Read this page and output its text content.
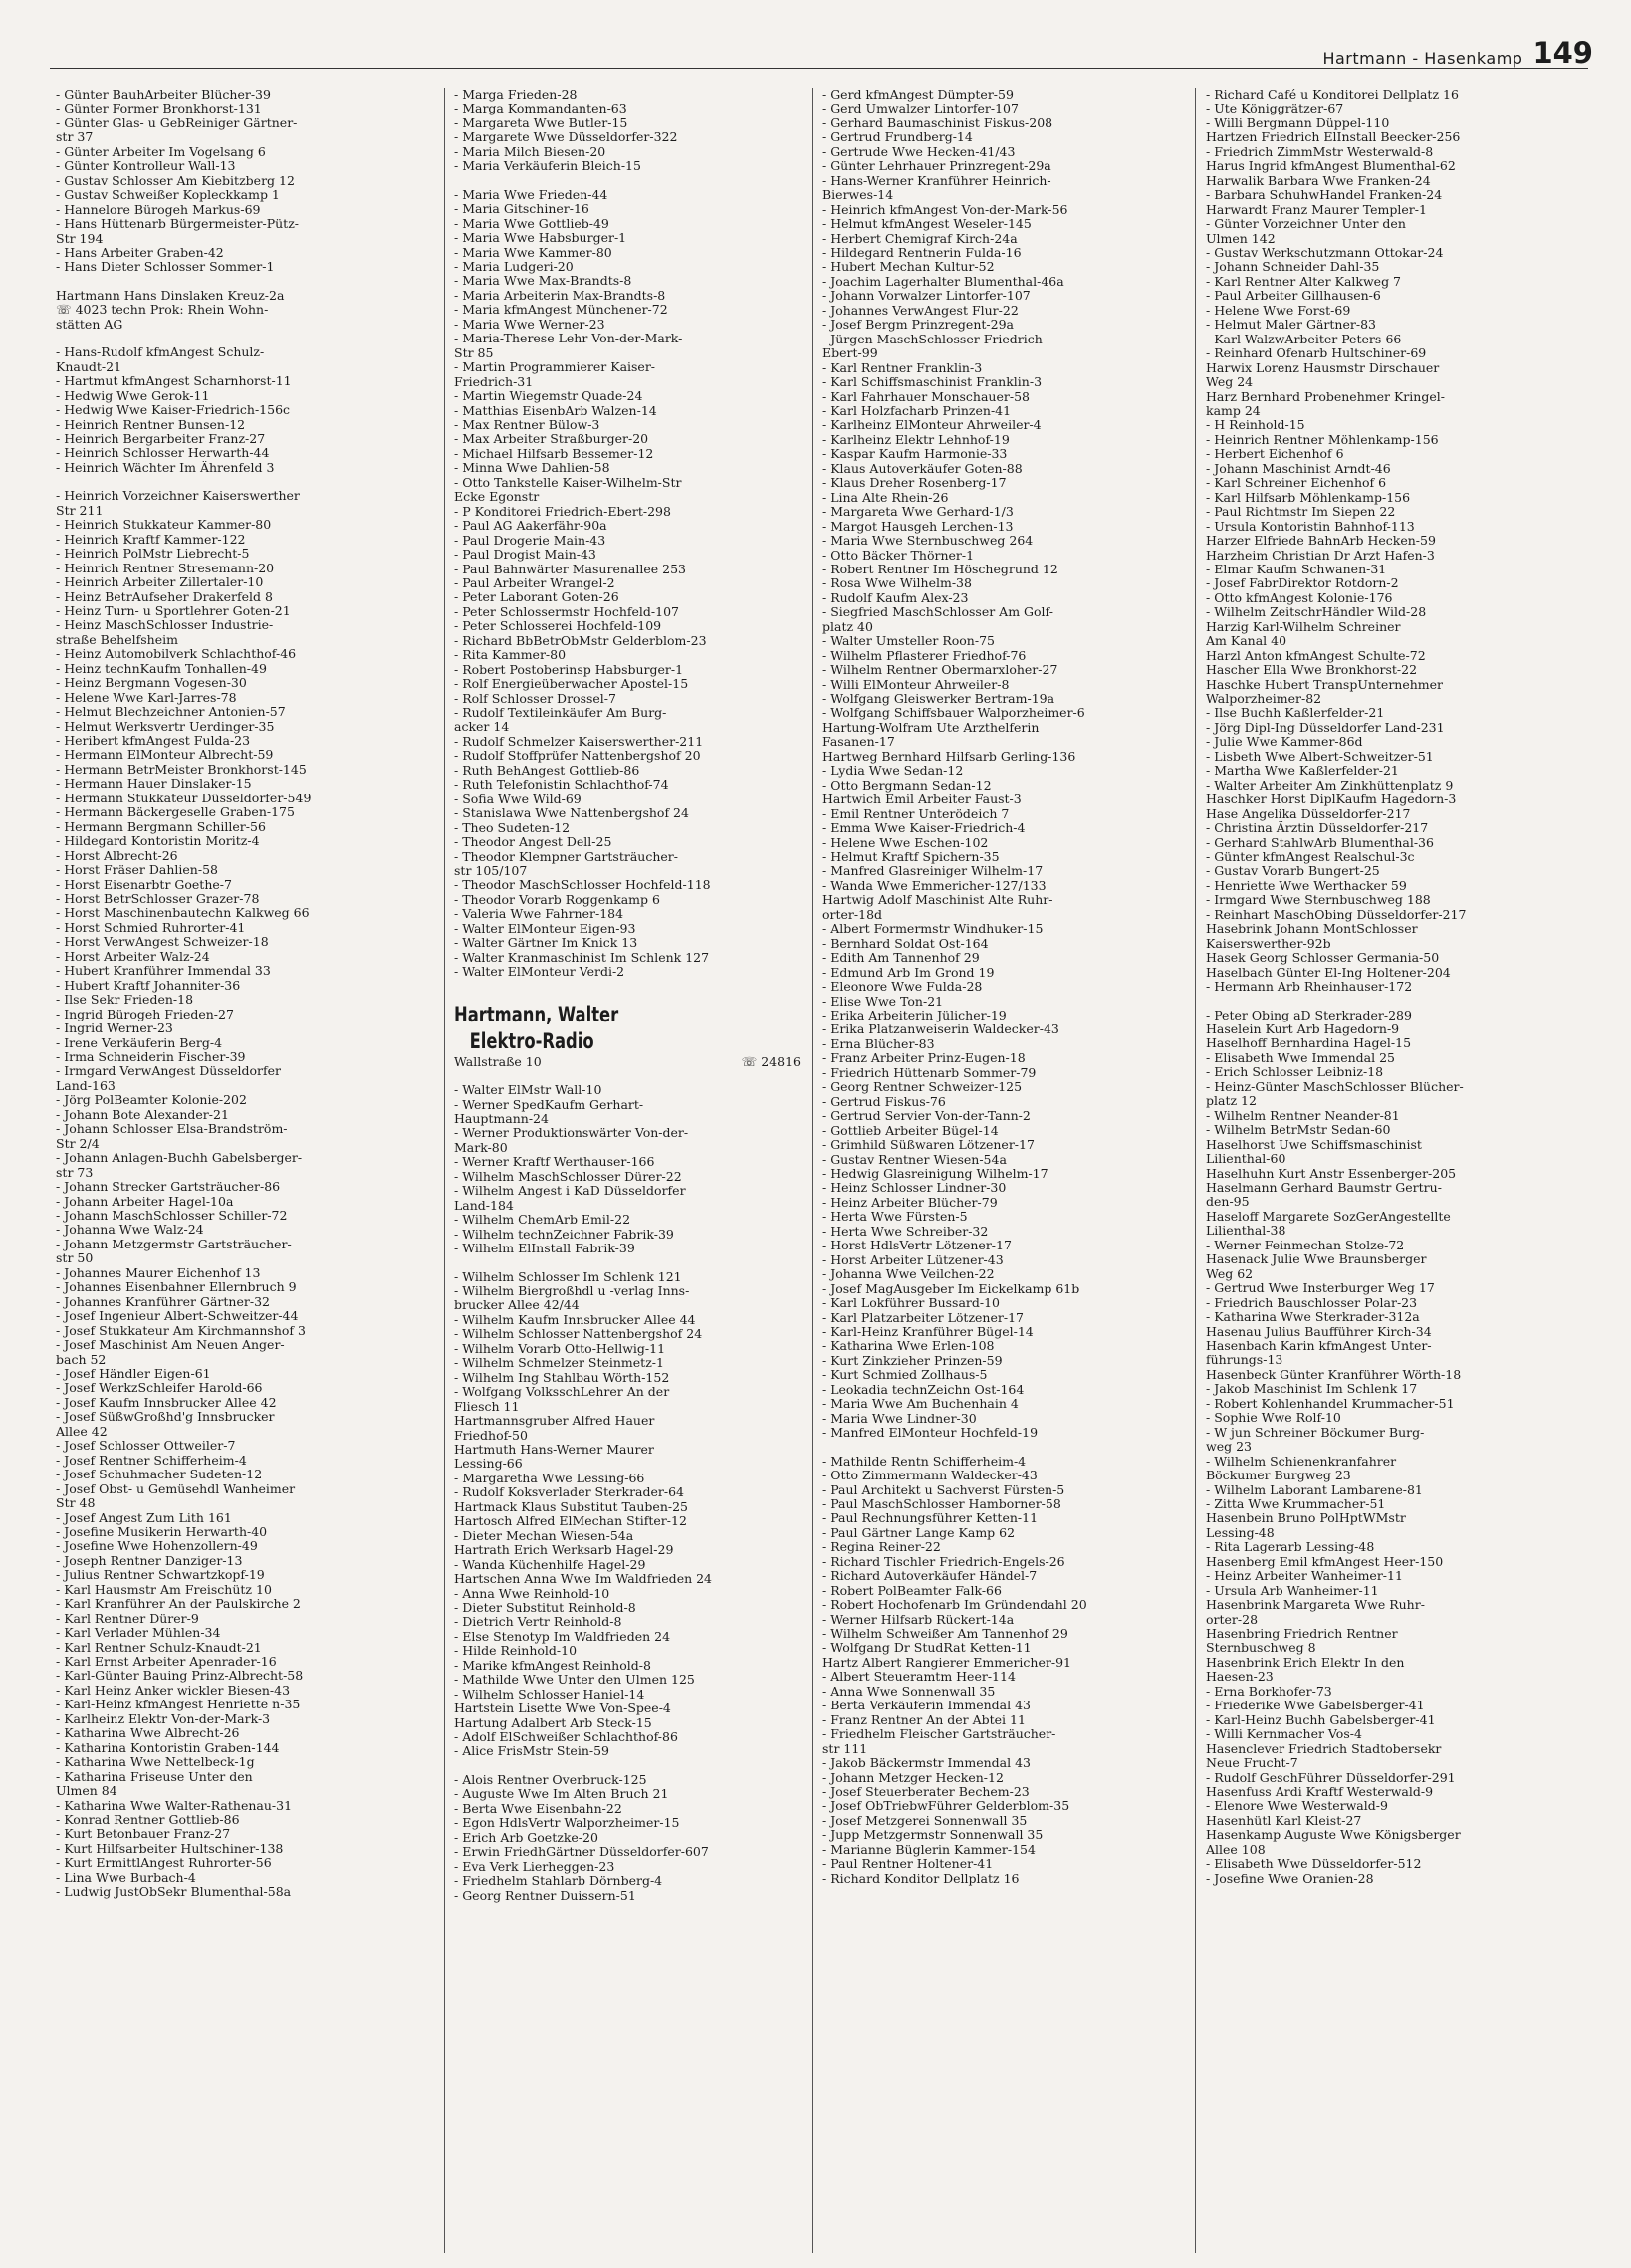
Hartmann - Hasenkamp 149
- Günter BauhArbeiter Blücher-39
- Günter Former Bronkhorst-131
- Günter Glas- u GebReiniger Gärtner-
str 37
- Günter Arbeiter Im Vogelsang 6
- Günter Kontrolleur Wall-13
- Gustav Schlosser Am Kiebitzberg 12
- Gustav Schweißer Kopleckkamp 1
- Hannelore Bürogeh Markus-69
- Hans Hüttenarb Bürgermeister-Pütz-
Str 194
- Hans Arbeiter Graben-42
- Hans Dieter Schlosser Sommer-1
Hartmann Hans Dinslaken Kreuz-2a
☏ 4023 techn Prok: Rhein Wohn-
stätten AG
- Hans-Rudolf kfmAngest Schulz-
Knaudt-21
- Hartmut kfmAngest Scharnhorst-11
- Hedwig Wwe Gerok-11
- Hedwig Wwe Kaiser-Friedrich-156c
- Heinrich Rentner Bunsen-12
- Heinrich Bergarbeiter Franz-27
- Heinrich Schlosser Herwarth-44
- Heinrich Wächter Im Ährenfeld 3
- Heinrich Vorzeichner Kaiserswerther
Str 211
- Heinrich Stukkateur Kammer-80
- Heinrich Kraftf Kammer-122
- Heinrich PolMstr Liebrecht-5
- Heinrich Rentner Stresemann-20
- Heinrich Arbeiter Zillertaler-10
- Heinz BetrAufseher Drakerfeld 8
- Heinz Turn- u Sportlehrer Goten-21
- Heinz MaschSchlosser Industrie-
straße Behelfsheim
- Heinz Automobilverk Schlachthof-46
- Heinz technKaufm Tonhallen-49
- Heinz Bergmann Vogesen-30
- Helene Wwe Karl-Jarres-78
- Helmut Blechzeichner Antonien-57
- Helmut Werksvertr Uerdinger-35
- Heribert kfmAngest Fulda-23
- Hermann ElMonteur Albrecht-59
- Hermann BetrMeister Bronkhorst-145
- Hermann Hauer Dinslaker-15
- Hermann Stukkateur Düsseldorfer-549
- Hermann Bäckergeselle Graben-175
- Hermann Bergmann Schiller-56
- Hildegard Kontoristin Moritz-4
- Horst Albrecht-26
- Horst Fräser Dahlien-58
- Horst Eisenarbtr Goethe-7
- Horst BetrSchlosser Grazer-78
- Horst Maschinenbautechn Kalkweg 66
- Horst Schmied Ruhrorter-41
- Horst VerwAngest Schweizer-18
- Horst Arbeiter Walz-24
- Hubert Kranführer Immendal 33
- Hubert Kraftf Johanniter-36
- Ilse Sekr Frieden-18
- Ingrid Bürogeh Frieden-27
- Ingrid Werner-23
- Irene Verkäuferin Berg-4
- Irma Schneiderin Fischer-39
- Irmgard VerwAngest Düsseldorfer
Land-163
- Jörg PolBeamter Kolonie-202
- Johann Bote Alexander-21
- Johann Schlosser Elsa-Brandström-
Str 2/4
- Johann Anlagen-Buchh Gabelsberger-
str 73
- Johann Strecker Gartsträucher-86
- Johann Arbeiter Hagel-10a
- Johann MaschSchlosser Schiller-72
- Johanna Wwe Walz-24
- Johann Metzgermstr Gartsträucher-
str 50
- Johannes Maurer Eichenhof 13
- Johannes Eisenbahner Ellernbruch 9
- Johannes Kranführer Gärtner-32
- Josef Ingenieur Albert-Schweitzer-44
- Josef Stukkateur Am Kirchmannshof 3
- Josef Maschinist Am Neuen Anger-
bach 52
- Josef Händler Eigen-61
- Josef WerkzSchleifer Harold-66
- Josef Kaufm Innsbrucker Allee 42
- Josef SüßwGroßhd'g Innsbrucker
Allee 42
- Josef Schlosser Ottweiler-7
- Josef Rentner Schifferheim-4
- Josef Schuhmacher Sudeten-12
- Josef Obst- u Gemüsehdl Wanheimer
Str 48
- Josef Angest Zum Lith 161
- Josefine Musikerin Herwarth-40
- Josefine Wwe Hohenzollern-49
- Joseph Rentner Danziger-13
- Julius Rentner Schwartzkopf-19
- Karl Hausmstr Am Freischütz 10
- Karl Kranführer An der Paulskirche 2
- Karl Rentner Dürer-9
- Karl Verlader Mühlen-34
- Karl Rentner Schulz-Knaudt-21
- Karl Ernst Arbeiter Apenrader-16
- Karl-Günter Bauing Prinz-Albrecht-58
- Karl Heinz Anker wickler Biesen-43
- Karl-Heinz kfmAngest Henriette n-35
- Karlheinz Elektr Von-der-Mark-3
- Katharina Wwe Albrecht-26
- Katharina Kontoristin Graben-144
- Katharina Wwe Nettelbeck-1g
- Katharina Friseuse Unter den
Ulmen 84
- Katharina Wwe Walter-Rathenau-31
- Konrad Rentner Gottlieb-86
- Kurt Betonbauer Franz-27
- Kurt Hilfsarbeiter Hultschiner-138
- Kurt ErmittlAngest Ruhrorter-56
- Lina Wwe Burbach-4
- Ludwig JustObSekr Blumenthal-58a
- Marga Frieden-28
- Marga Kommandanten-63
- Margareta Wwe Butler-15
- Margarete Wwe Düsseldorfer-322
- Maria Milch Biesen-20
- Maria Verkäuferin Bleich-15
- Maria Wwe Frieden-44
- Maria Gitschiner-16
- Maria Wwe Gottlieb-49
- Maria Wwe Habsburger-1
- Maria Wwe Kammer-80
- Maria Ludgeri-20
- Maria Wwe Max-Brandts-8
- Maria Arbeiterin Max-Brandts-8
- Maria kfmAngest Münchener-72
- Maria Wwe Werner-23
- Maria-Therese Lehr Von-der-Mark-
Str 85
- Martin Programmierer Kaiser-
Friedrich-31
- Martin Wiegemstr Quade-24
- Matthias EisenbArb Walzen-14
- Max Rentner Bülow-3
- Max Arbeiter Straßburger-20
- Michael Hilfsarb Bessemer-12
- Minna Wwe Dahlien-58
- Otto Tankstelle Kaiser-Wilhelm-Str
Ecke Egonstr
- P Konditorei Friedrich-Ebert-298
- Paul AG Aakerfähr-90a
- Paul Drogerie Main-43
- Paul Drogist Main-43
- Paul Bahnwärter Masurenallee 253
- Paul Arbeiter Wrangel-2
- Peter Laborant Goten-26
- Peter Schlossermstr Hochfeld-107
- Peter Schlosserei Hochfeld-109
- Richard BbBetrObMstr Gelderblom-23
- Rita Kammer-80
- Robert Postoberinsp Habsburger-1
- Rolf Energieüberwacher Apostel-15
- Rolf Schlosser Drossel-7
- Rudolf Textileinkäufer Am Burg-
acker 14
- Rudolf Schmelzer Kaiserswerther-211
- Rudolf Stoffprüfer Nattenbergshof 20
- Ruth BehAngest Gottlieb-86
- Ruth Telefonistin Schlachthof-74
- Sofia Wwe Wild-69
- Stanislawa Wwe Nattenbergshof 24
- Theo Sudeten-12
- Theodor Angest Dell-25
- Theodor Klempner Gartsträucher-
str 105/107
- Theodor MaschSchlosser Hochfeld-118
- Theodor Vorarb Roggenkamp 6
- Valeria Wwe Fahrner-184
- Walter ElMonteur Eigen-93
- Walter Gärtner Im Knick 13
- Walter Kranmaschinist Im Schlenk 127
- Walter ElMonteur Verdi-2
Hartmann, Walter
Elektro-Radio
Wallstraße 10	☏ 24816
- Walter ElMstr Wall-10
- Werner SpedKaufm Gerhart-
Hauptmann-24
- Werner Produktionswärter Von-der-
Mark-80
- Werner Kraftf Werthauser-166
- Wilhelm MaschSchlosser Dürer-22
- Wilhelm Angest i KaD Düsseldorfer
Land-184
- Wilhelm ChemArb Emil-22
- Wilhelm technZeichner Fabrik-39
- Wilhelm ElInstall Fabrik-39
- Wilhelm Schlosser Im Schlenk 121
- Wilhelm Biergroßhdl u -verlag Inns-
brucker Allee 42/44
- Wilhelm Kaufm Innsbrucker Allee 44
- Wilhelm Schlosser Nattenbergshof 24
- Wilhelm Vorarb Otto-Hellwig-11
- Wilhelm Schmelzer Steinmetz-1
- Wilhelm Ing Stahlbau Wörth-152
- Wolfgang VolksschLehrer An der
Fliesch 11
Hartmannsgruber Alfred Hauer
Friedhof-50
Hartmuth Hans-Werner Maurer
Lessing-66
- Margaretha Wwe Lessing-66
- Rudolf Koksverlader Sterkrader-64
Hartmack Klaus Substitut Tauben-25
Hartosch Alfred ElMechan Stifter-12
- Dieter Mechan Wiesen-54a
Hartrath Erich Werksarb Hagel-29
- Wanda Küchenhilfe Hagel-29
Hartschen Anna Wwe Im Waldfrieden 24
- Anna Wwe Reinhold-10
- Dieter Substitut Reinhold-8
- Dietrich Vertr Reinhold-8
- Else Stenotyp Im Waldfrieden 24
- Hilde Reinhold-10
- Marike kfmAngest Reinhold-8
- Mathilde Wwe Unter den Ulmen 125
- Wilhelm Schlosser Haniel-14
Hartstein Lisette Wwe Von-Spee-4
Hartung Adalbert Arb Steck-15
- Adolf ElSchweißer Schlachthof-86
- Alice FrisMstr Stein-59
- Alois Rentner Overbruck-125
- Auguste Wwe Im Alten Bruch 21
- Berta Wwe Eisenbahn-22
- Egon HdlsVertr Walporzheimer-15
- Erich Arb Goetzke-20
- Erwin FriedhGärtner Düsseldorfer-607
- Eva Verk Lierheggen-23
- Friedhelm Stahlarb Dörnberg-4
- Georg Rentner Duissern-51
- Gerd kfmAngest Dümpter-59
- Gerd Umwalzer Lintorfer-107
- Gerhard Baumaschinist Fiskus-208
- Gertrud Frundberg-14
- Gertrude Wwe Hecken-41/43
- Günter Lehrhauer Prinzregent-29a
- Hans-Werner Kranführer Heinrich-
Bierwes-14
- Heinrich kfmAngest Von-der-Mark-56
- Helmut kfmAngest Weseler-145
- Herbert Chemigraf Kirch-24a
- Hildegard Rentnerin Fulda-16
- Hubert Mechan Kultur-52
- Joachim Lagerhalter Blumenthal-46a
- Johann Vorwalzer Lintorfer-107
- Johannes VerwAngest Flur-22
- Josef Bergm Prinzregent-29a
- Jürgen MaschSchlosser Friedrich-
Ebert-99
- Karl Rentner Franklin-3
- Karl Schiffsmaschinist Franklin-3
- Karl Fahrhauer Monschauer-58
- Karl Holzfacharb Prinzen-41
- Karlheinz ElMonteur Ahrweiler-4
- Karlheinz Elektr Lehnhof-19
- Kaspar Kaufm Harmonie-33
- Klaus Autoverkäufer Goten-88
- Klaus Dreher Rosenberg-17
- Lina Alte Rhein-26
- Margareta Wwe Gerhard-1/3
- Margot Hausgeh Lerchen-13
- Maria Wwe Sternbuschweg 264
- Otto Bäcker Thörner-1
- Robert Rentner Im Höschegrund 12
- Rosa Wwe Wilhelm-38
- Rudolf Kaufm Alex-23
- Siegfried MaschSchlosser Am Golf-
platz 40
- Walter Umsteller Roon-75
- Wilhelm Pflasterer Friedhof-76
- Wilhelm Rentner Obermarxloher-27
- Willi ElMonteur Ahrweiler-8
- Wolfgang Gleiswerker Bertram-19a
- Wolfgang Schiffsbauer Walporzheimer-6
Hartung-Wolfram Ute Arzthelferin
Fasanen-17
Hartweg Bernhard Hilfsarb Gerling-136
- Lydia Wwe Sedan-12
- Otto Bergmann Sedan-12
Hartwich Emil Arbeiter Faust-3
- Emil Rentner Unterödeich 7
- Emma Wwe Kaiser-Friedrich-4
- Helene Wwe Eschen-102
- Helmut Kraftf Spichern-35
- Manfred Glasreiniger Wilhelm-17
- Wanda Wwe Emmericher-127/133
Hartwig Adolf Maschinist Alte Ruhr-
orter-18d
- Albert Formermstr Windhuker-15
- Bernhard Soldat Ost-164
- Edith Am Tannenhof 29
- Edmund Arb Im Grond 19
- Eleonore Wwe Fulda-28
- Elise Wwe Ton-21
- Erika Arbeiterin Jülicher-19
- Erika Platzanweiserin Waldecker-43
- Erna Blücher-83
- Franz Arbeiter Prinz-Eugen-18
- Friedrich Hüttenarb Sommer-79
- Georg Rentner Schweizer-125
- Gertrud Fiskus-76
- Gertrud Servier Von-der-Tann-2
- Gottlieb Arbeiter Bügel-14
- Grimhild Süßwaren Lötzener-17
- Gustav Rentner Wiesen-54a
- Hedwig Glasreinigung Wilhelm-17
- Heinz Schlosser Lindner-30
- Heinz Arbeiter Blücher-79
- Herta Wwe Fürsten-5
- Herta Wwe Schreiber-32
- Horst HdlsVertr Lötzener-17
- Horst Arbeiter Lützener-43
- Johanna Wwe Veilchen-22
- Josef MagAusgeber Im Eickelkamp 61b
- Karl Lokführer Bussard-10
- Karl Platzarbeiter Lötzener-17
- Karl-Heinz Kranführer Bügel-14
- Katharina Wwe Erlen-108
- Kurt Zinkzieher Prinzen-59
- Kurt Schmied Zollhaus-5
- Leokadia technZeichn Ost-164
- Maria Wwe Am Buchenhain 4
- Maria Wwe Lindner-30
- Manfred ElMonteur Hochfeld-19
- Mathilde Rentn Schifferheim-4
- Otto Zimmermann Waldecker-43
- Paul Architekt u Sachverst Fürsten-5
- Paul MaschSchlosser Hamborner-58
- Paul Rechnungsführer Ketten-11
- Paul Gärtner Lange Kamp 62
- Regina Reiner-22
- Richard Tischler Friedrich-Engels-26
- Richard Autoverkäufer Händel-7
- Robert PolBeamter Falk-66
- Robert Hochofenarb Im Gründendahl 20
- Werner Hilfsarb Rückert-14a
- Wilhelm Schweißer Am Tannenhof 29
- Wolfgang Dr StudRat Ketten-11
Hartz Albert Rangierer Emmericher-91
- Albert Steueramtm Heer-114
- Anna Wwe Sonnenwall 35
- Berta Verkäuferin Immendal 43
- Franz Rentner An der Abtei 11
- Friedhelm Fleischer Gartsträucher-
str 111
- Jakob Bäckermstr Immendal 43
- Johann Metzger Hecken-12
- Josef Steuerberater Bechem-23
- Josef ObTriebwFührer Gelderblom-35
- Josef Metzgerei Sonnenwall 35
- Jupp Metzgermstr Sonnenwall 35
- Marianne Büglerin Kammer-154
- Paul Rentner Holtener-41
- Richard Konditor Dellplatz 16
- Richard Café u Konditorei Dellplatz 16
- Ute Königgrätzer-67
- Willi Bergmann Düppel-110
Hartzen Friedrich ElInstall Beecker-256
- Friedrich ZimmMstr Westerwald-8
Harus Ingrid kfmAngest Blumenthal-62
Harwalik Barbara Wwe Franken-24
- Barbara SchuhwHandel Franken-24
Harwardt Franz Maurer Templer-1
- Günter Vorzeichner Unter den
Ulmen 142
- Gustav Werkschutzmann Ottokar-24
- Johann Schneider Dahl-35
- Karl Rentner Alter Kalkweg 7
- Paul Arbeiter Gillhausen-6
- Helene Wwe Forst-69
- Helmut Maler Gärtner-83
- Karl WalzwArbeiter Peters-66
- Reinhard Ofenarb Hultschiner-69
Harwix Lorenz Hausmstr Dirschauer
Weg 24
Harz Bernhard Probenehmer Kringel-
kamp 24
- H Reinhold-15
- Heinrich Rentner Möhlenkamp-156
- Herbert Eichenhof 6
- Johann Maschinist Arndt-46
- Karl Schreiner Eichenhof 6
- Karl Hilfsarb Möhlenkamp-156
- Paul Richtmstr Im Siepen 22
- Ursula Kontoristin Bahnhof-113
Harzer Elfriede BahnArb Hecken-59
Harzheim Christian Dr Arzt Hafen-3
- Elmar Kaufm Schwanen-31
- Josef FabrDirektor Rotdorn-2
- Otto kfmAngest Kolonie-176
- Wilhelm ZeitschrHändler Wild-28
Harzig Karl-Wilhelm Schreiner
Am Kanal 40
Harzl Anton kfmAngest Schulte-72
Hascher Ella Wwe Bronkhorst-22
Haschke Hubert TranspUnternehmer
Walporzheimer-82
- Ilse Buchh Kaßlerfelder-21
- Jörg Dipl-Ing Düsseldorfer Land-231
- Julie Wwe Kammer-86d
- Lisbeth Wwe Albert-Schweitzer-51
- Martha Wwe Kaßlerfelder-21
- Walter Arbeiter Am Zinkhüttenplatz 9
Haschker Horst DiplKaufm Hagedorn-3
Hase Angelika Düsseldorfer-217
- Christina Ärztin Düsseldorfer-217
- Gerhard StahlwArb Blumenthal-36
- Günter kfmAngest Realschul-3c
- Gustav Vorarb Bungert-25
- Henriette Wwe Werthacker 59
- Irmgard Wwe Sternbuschweg 188
- Reinhart MaschObing Düsseldorfer-217
Hasebrink Johann MontSchlosser
Kaiserswerther-92b
Hasek Georg Schlosser Germania-50
Haselbach Günter El-Ing Holtener-204
- Hermann Arb Rheinhauser-172
- Peter Obing aD Sterkrader-289
Haselein Kurt Arb Hagedorn-9
Haselhoff Bernhardina Hagel-15
- Elisabeth Wwe Immendal 25
- Erich Schlosser Leibniz-18
- Heinz-Günter MaschSchlosser Blücher-
platz 12
- Wilhelm Rentner Neander-81
- Wilhelm BetrMstr Sedan-60
Haselhorst Uwe Schiffsmaschinist
Lilienthal-60
Haselhuhn Kurt Anstr Essenberger-205
Haselmann Gerhard Baumstr Gertru-
den-95
Haseloff Margarete SozGerAngestellte
Lilienthal-38
- Werner Feinmechan Stolze-72
Hasenack Julie Wwe Braunsberger
Weg 62
- Gertrud Wwe Insterburger Weg 17
- Friedrich Bauschlosser Polar-23
- Katharina Wwe Sterkrader-312a
Hasenau Julius Baufführer Kirch-34
Hasenbach Karin kfmAngest Unter-
führungs-13
Hasenbeck Günter Kranführer Wörth-18
- Jakob Maschinist Im Schlenk 17
- Robert Kohlenhandel Krummacher-51
- Sophie Wwe Rolf-10
- W jun Schreiner Böckumer Burg-
weg 23
- Wilhelm Schienenkranfahrer
Böckumer Burgweg 23
- Wilhelm Laborant Lambarene-81
- Zitta Wwe Krummacher-51
Hasenbein Bruno PolHptWMstr
Lessing-48
- Rita Lagerarb Lessing-48
Hasenberg Emil kfmAngest Heer-150
- Heinz Arbeiter Wanheimer-11
- Ursula Arb Wanheimer-11
Hasenbrink Margareta Wwe Ruhr-
orter-28
Hasenbring Friedrich Rentner
Sternbuschweg 8
Hasenbrink Erich Elektr In den
Haesen-23
- Erna Borkhofer-73
- Friederike Wwe Gabelsberger-41
- Karl-Heinz Buchh Gabelsberger-41
- Willi Kernmacher Vos-4
Hasenclever Friedrich Stadtobersekr
Neue Frucht-7
- Rudolf GeschFührer Düsseldorfer-291
Hasenfuss Ardi Kraftf Westerwald-9
- Elenore Wwe Westerwald-9
Hasenhütl Karl Kleist-27
Hasenkamp Auguste Wwe Königsberger
Allee 108
- Elisabeth Wwe Düsseldorfer-512
- Josefine Wwe Oranien-28
